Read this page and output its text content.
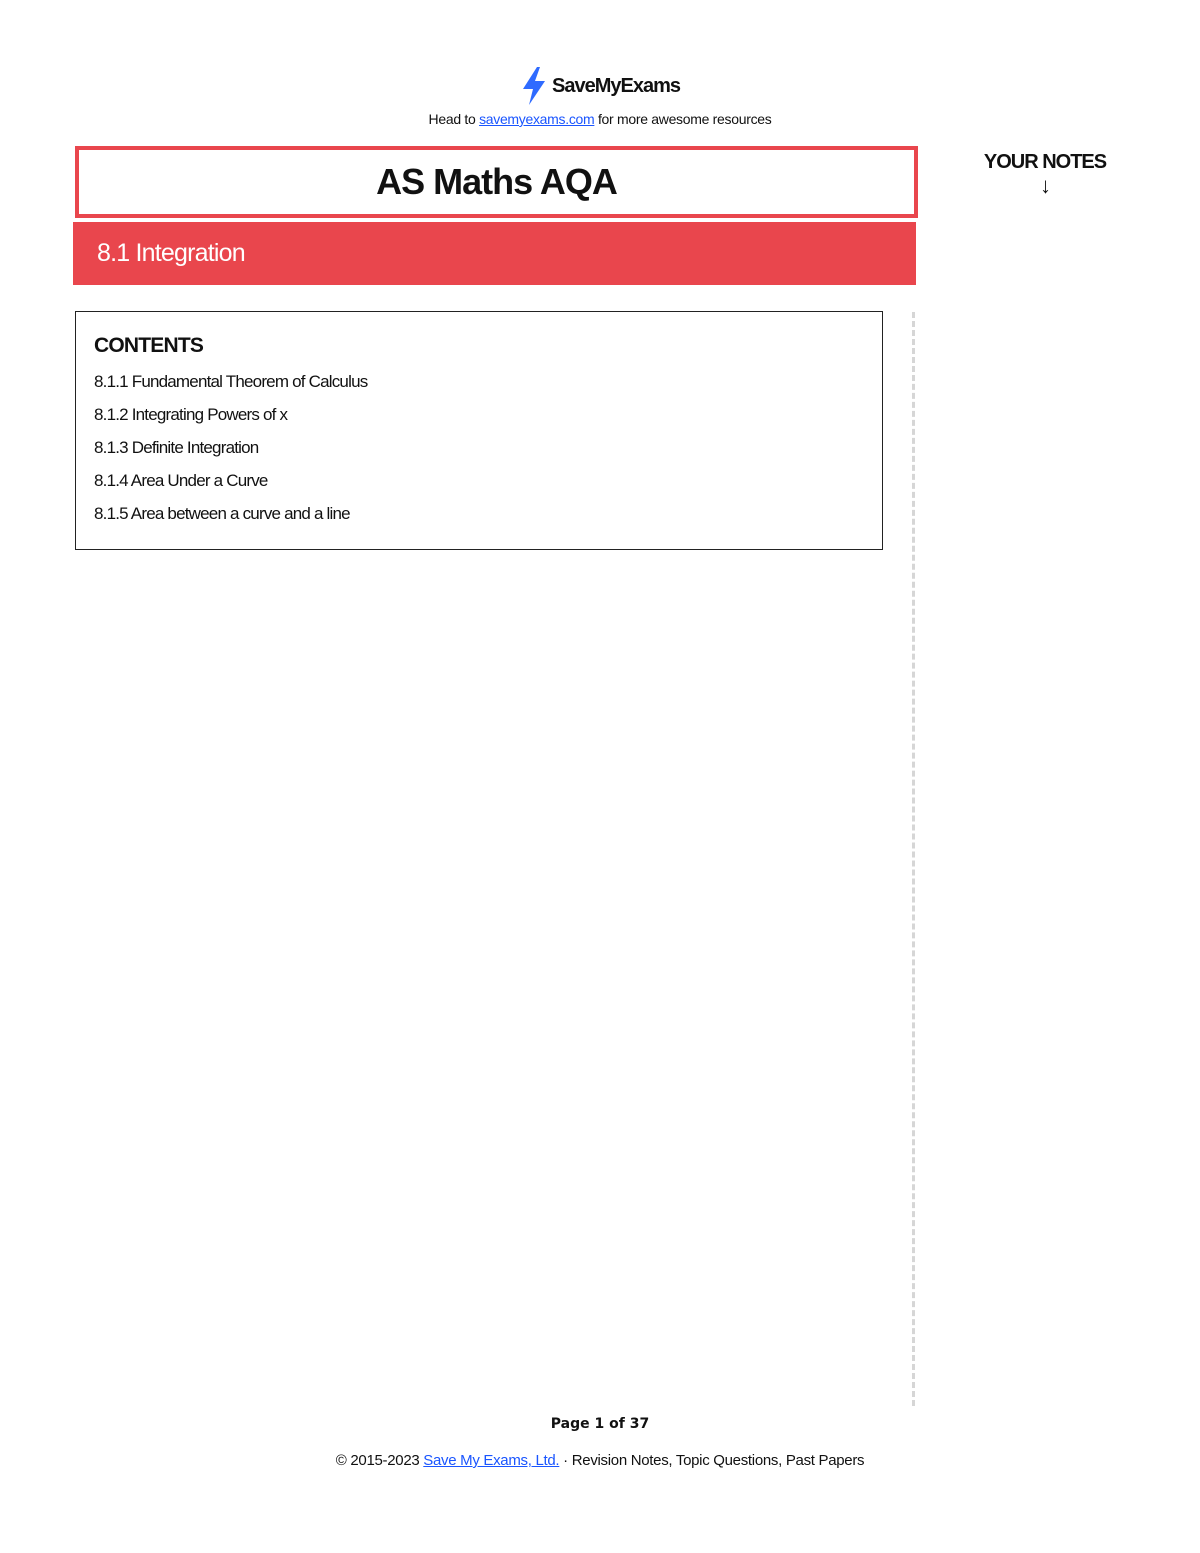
SaveMyExams
Head to savemyexams.com for more awesome resources
AS Maths AQA
8.1 Integration
YOUR NOTES
↓
CONTENTS
8.1.1 Fundamental Theorem of Calculus
8.1.2 Integrating Powers of x
8.1.3 Definite Integration
8.1.4 Area Under a Curve
8.1.5 Area between a curve and a line
Page 1 of 37
© 2015-2023 Save My Exams, Ltd. · Revision Notes, Topic Questions, Past Papers
